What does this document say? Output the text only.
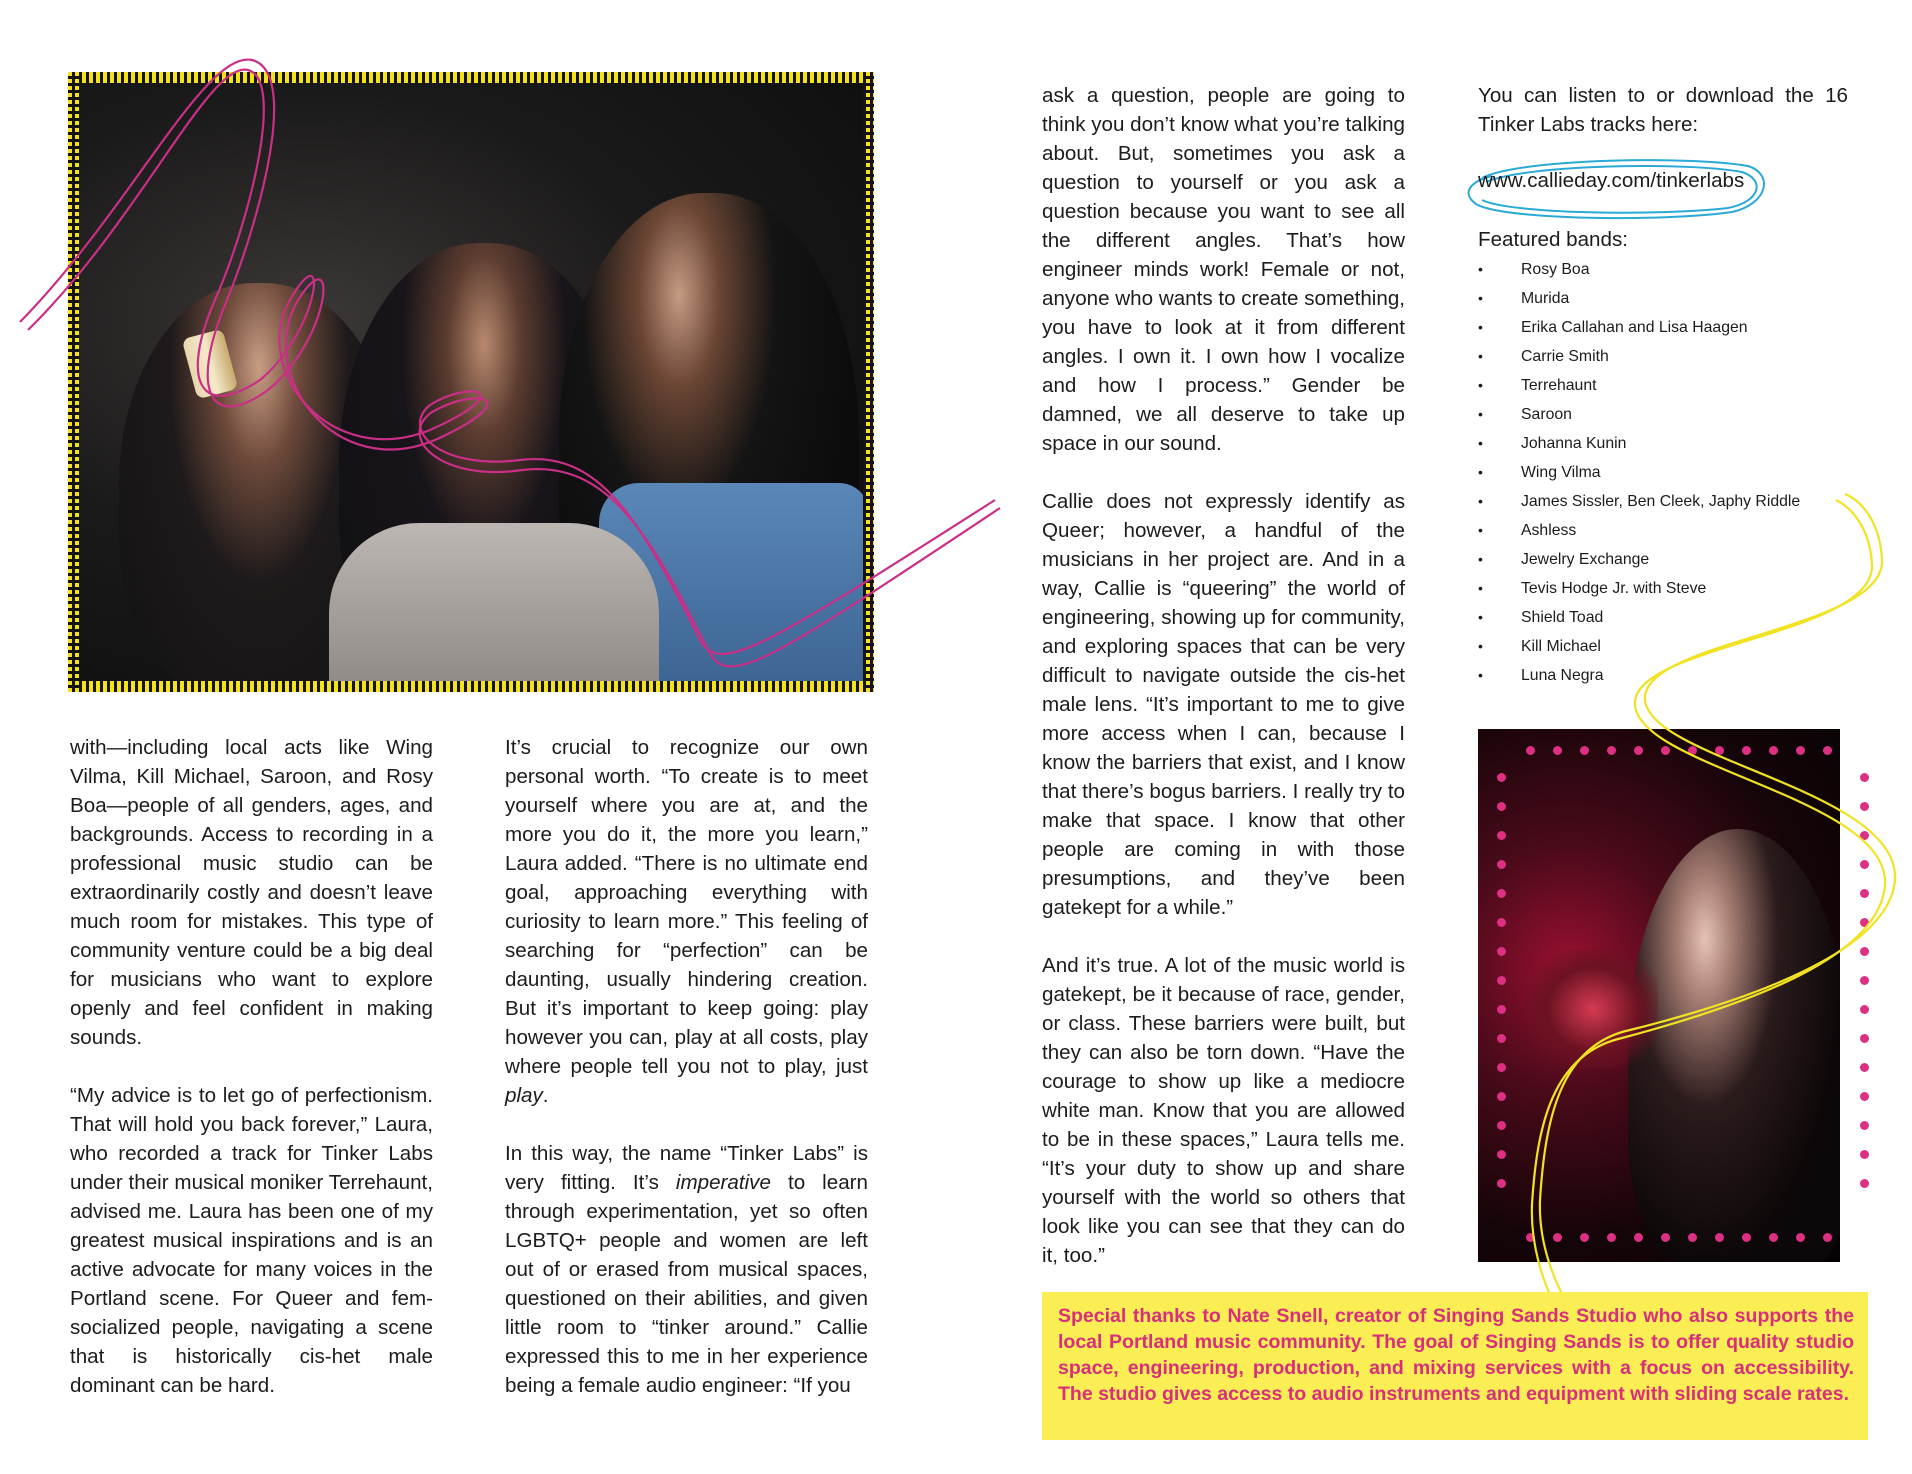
with—including local acts like Wing Vilma, Kill Michael, Saroon, and Rosy Boa—people of all genders, ages, and backgrounds. Access to recording in a professional music studio can be extraordinarily costly and doesn’t leave much room for mistakes. This type of community venture could be a big deal for musicians who want to explore openly and feel confident in making sounds.

“My advice is to let go of perfectionism. That will hold you back forever,” Laura, who recorded a track for Tinker Labs under their musical moniker Terrehaunt, advised me. Laura has been one of my greatest musical inspirations and is an active advocate for many voices in the Portland scene. For Queer and fem-socialized people, navigating a scene that is historically cis-het male dominant can be hard.

It’s crucial to recognize our own personal worth. “To create is to meet yourself where you are at, and the more you do it, the more you learn,” Laura added. “There is no ultimate end goal, approaching everything with curiosity to learn more.” This feeling of searching for “perfection” can be daunting, usually hindering creation. But it’s important to keep going: play however you can, play at all costs, play where people tell you not to play, just play.

In this way, the name “Tinker Labs” is very fitting. It’s imperative to learn through experimentation, yet so often LGBTQ+ people and women are left out of or erased from musical spaces, questioned on their abilities, and given little room to “tinker around.” Callie expressed this to me in her experience being a female audio engineer: “If you

ask a question, people are going to think you don’t know what you’re talking about. But, sometimes you ask a question to yourself or you ask a question because you want to see all the different angles. That’s how engineer minds work! Female or not, anyone who wants to create something, you have to look at it from different angles. I own it. I own how I vocalize and how I process.” Gender be damned, we all deserve to take up space in our sound.

Callie does not expressly identify as Queer; however, a handful of the musicians in her project are. And in a way, Callie is “queering” the world of engineering, showing up for community, and exploring spaces that can be very difficult to navigate outside the cis-het male lens. “It’s important to me to give more access when I can, because I know the barriers that exist, and I know that there’s bogus barriers. I really try to make that space. I know that other people are coming in with those presumptions, and they’ve been gatekept for a while.”

And it’s true. A lot of the music world is gatekept, be it because of race, gender, or class. These barriers were built, but they can also be torn down. “Have the courage to show up like a mediocre white man. Know that you are allowed to be in these spaces,” Laura tells me. “It’s your duty to show up and share yourself with the world so others that look like you can see that they can do it, too.”

You can listen to or download the 16 Tinker Labs tracks here:
www.callieday.com/tinkerlabs
Featured bands:
• Rosy Boa
• Murida
• Erika Callahan and Lisa Haagen
• Carrie Smith
• Terrehaunt
• Saroon
• Johanna Kunin
• Wing Vilma
• James Sissler, Ben Cleek, Japhy Riddle
• Ashless
• Jewelry Exchange
• Tevis Hodge Jr. with Steve
• Shield Toad
• Kill Michael
• Luna Negra
Special thanks to Nate Snell, creator of Singing Sands Studio who also supports the local Portland music community. The goal of Singing Sands is to offer quality studio space, engineering, production, and mixing services with a focus on accessibility. The studio gives access to audio instruments and equipment with sliding scale rates.
